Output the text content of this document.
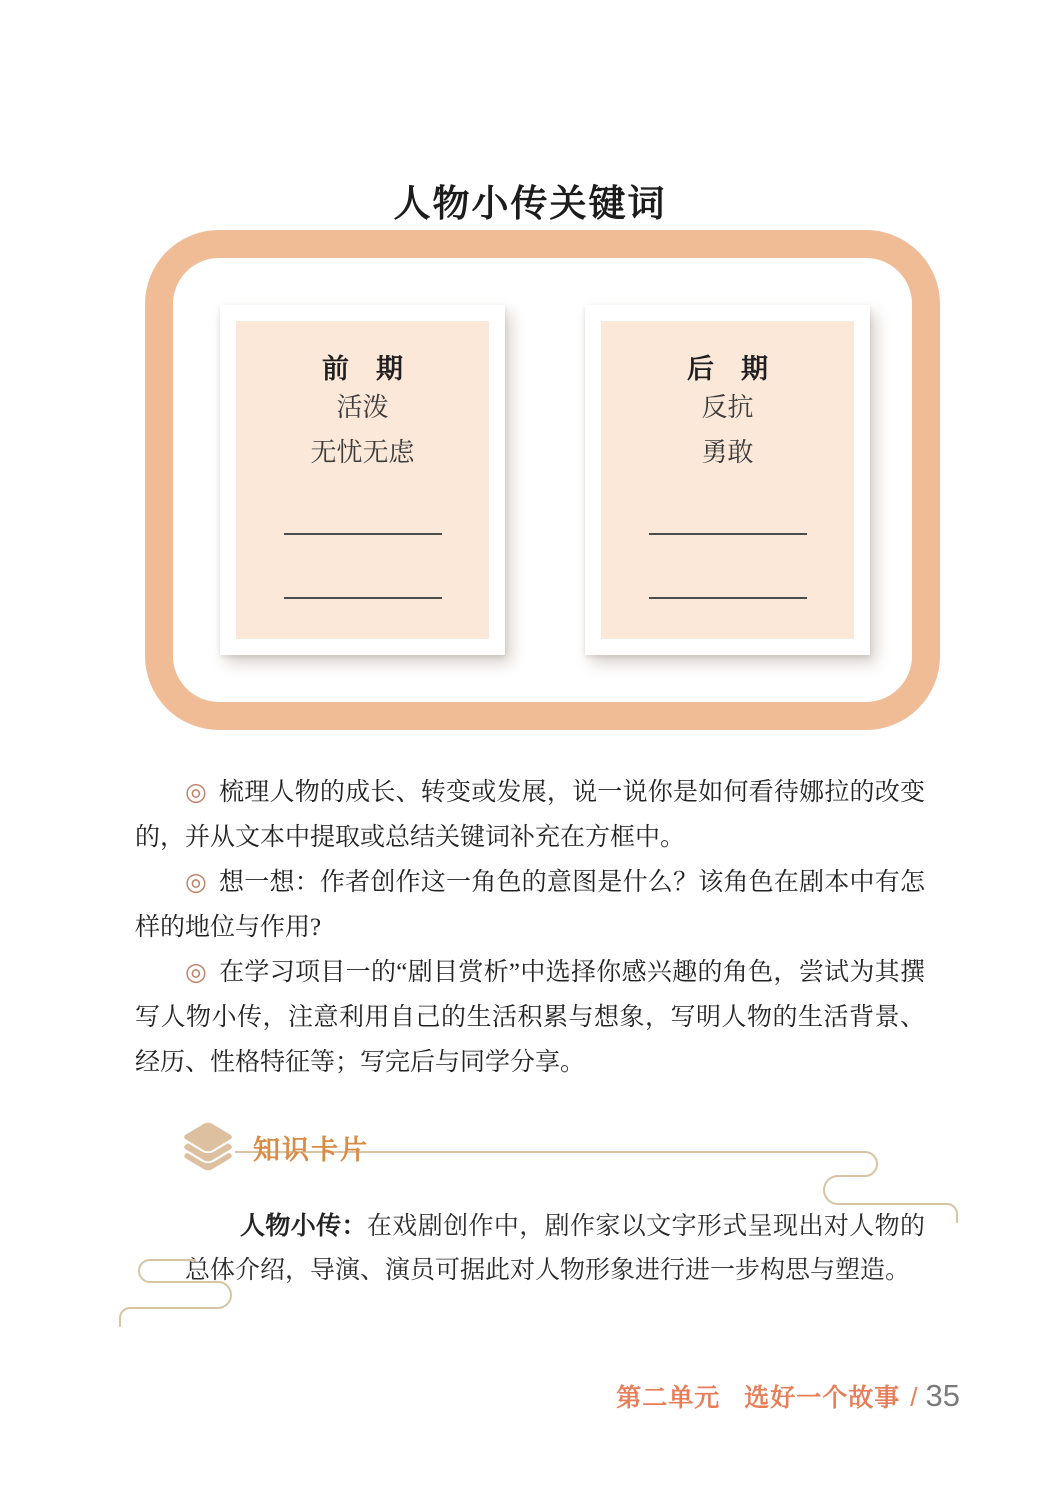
人物小传关键词
前　期
活泼
无忧无虑
后　期
反抗
勇敢

◎ 梳理人物的成长、转变或发展，说一说你是如何看待娜拉的改变的，并从文本中提取或总结关键词补充在方框中。

◎ 想一想：作者创作这一角色的意图是什么？该角色在剧本中有怎样的地位与作用?

◎ 在学习项目一的“剧目赏析”中选择你感兴趣的角色，尝试为其撰写人物小传，注意利用自己的生活积累与想象，写明人物的生活背景、经历、性格特征等；写完后与同学分享。

知识卡片

人物小传：在戏剧创作中，剧作家以文字形式呈现出对人物的总体介绍，导演、演员可据此对人物形象进行进一步构思与塑造。

第二单元 选好一个故事 / 35
